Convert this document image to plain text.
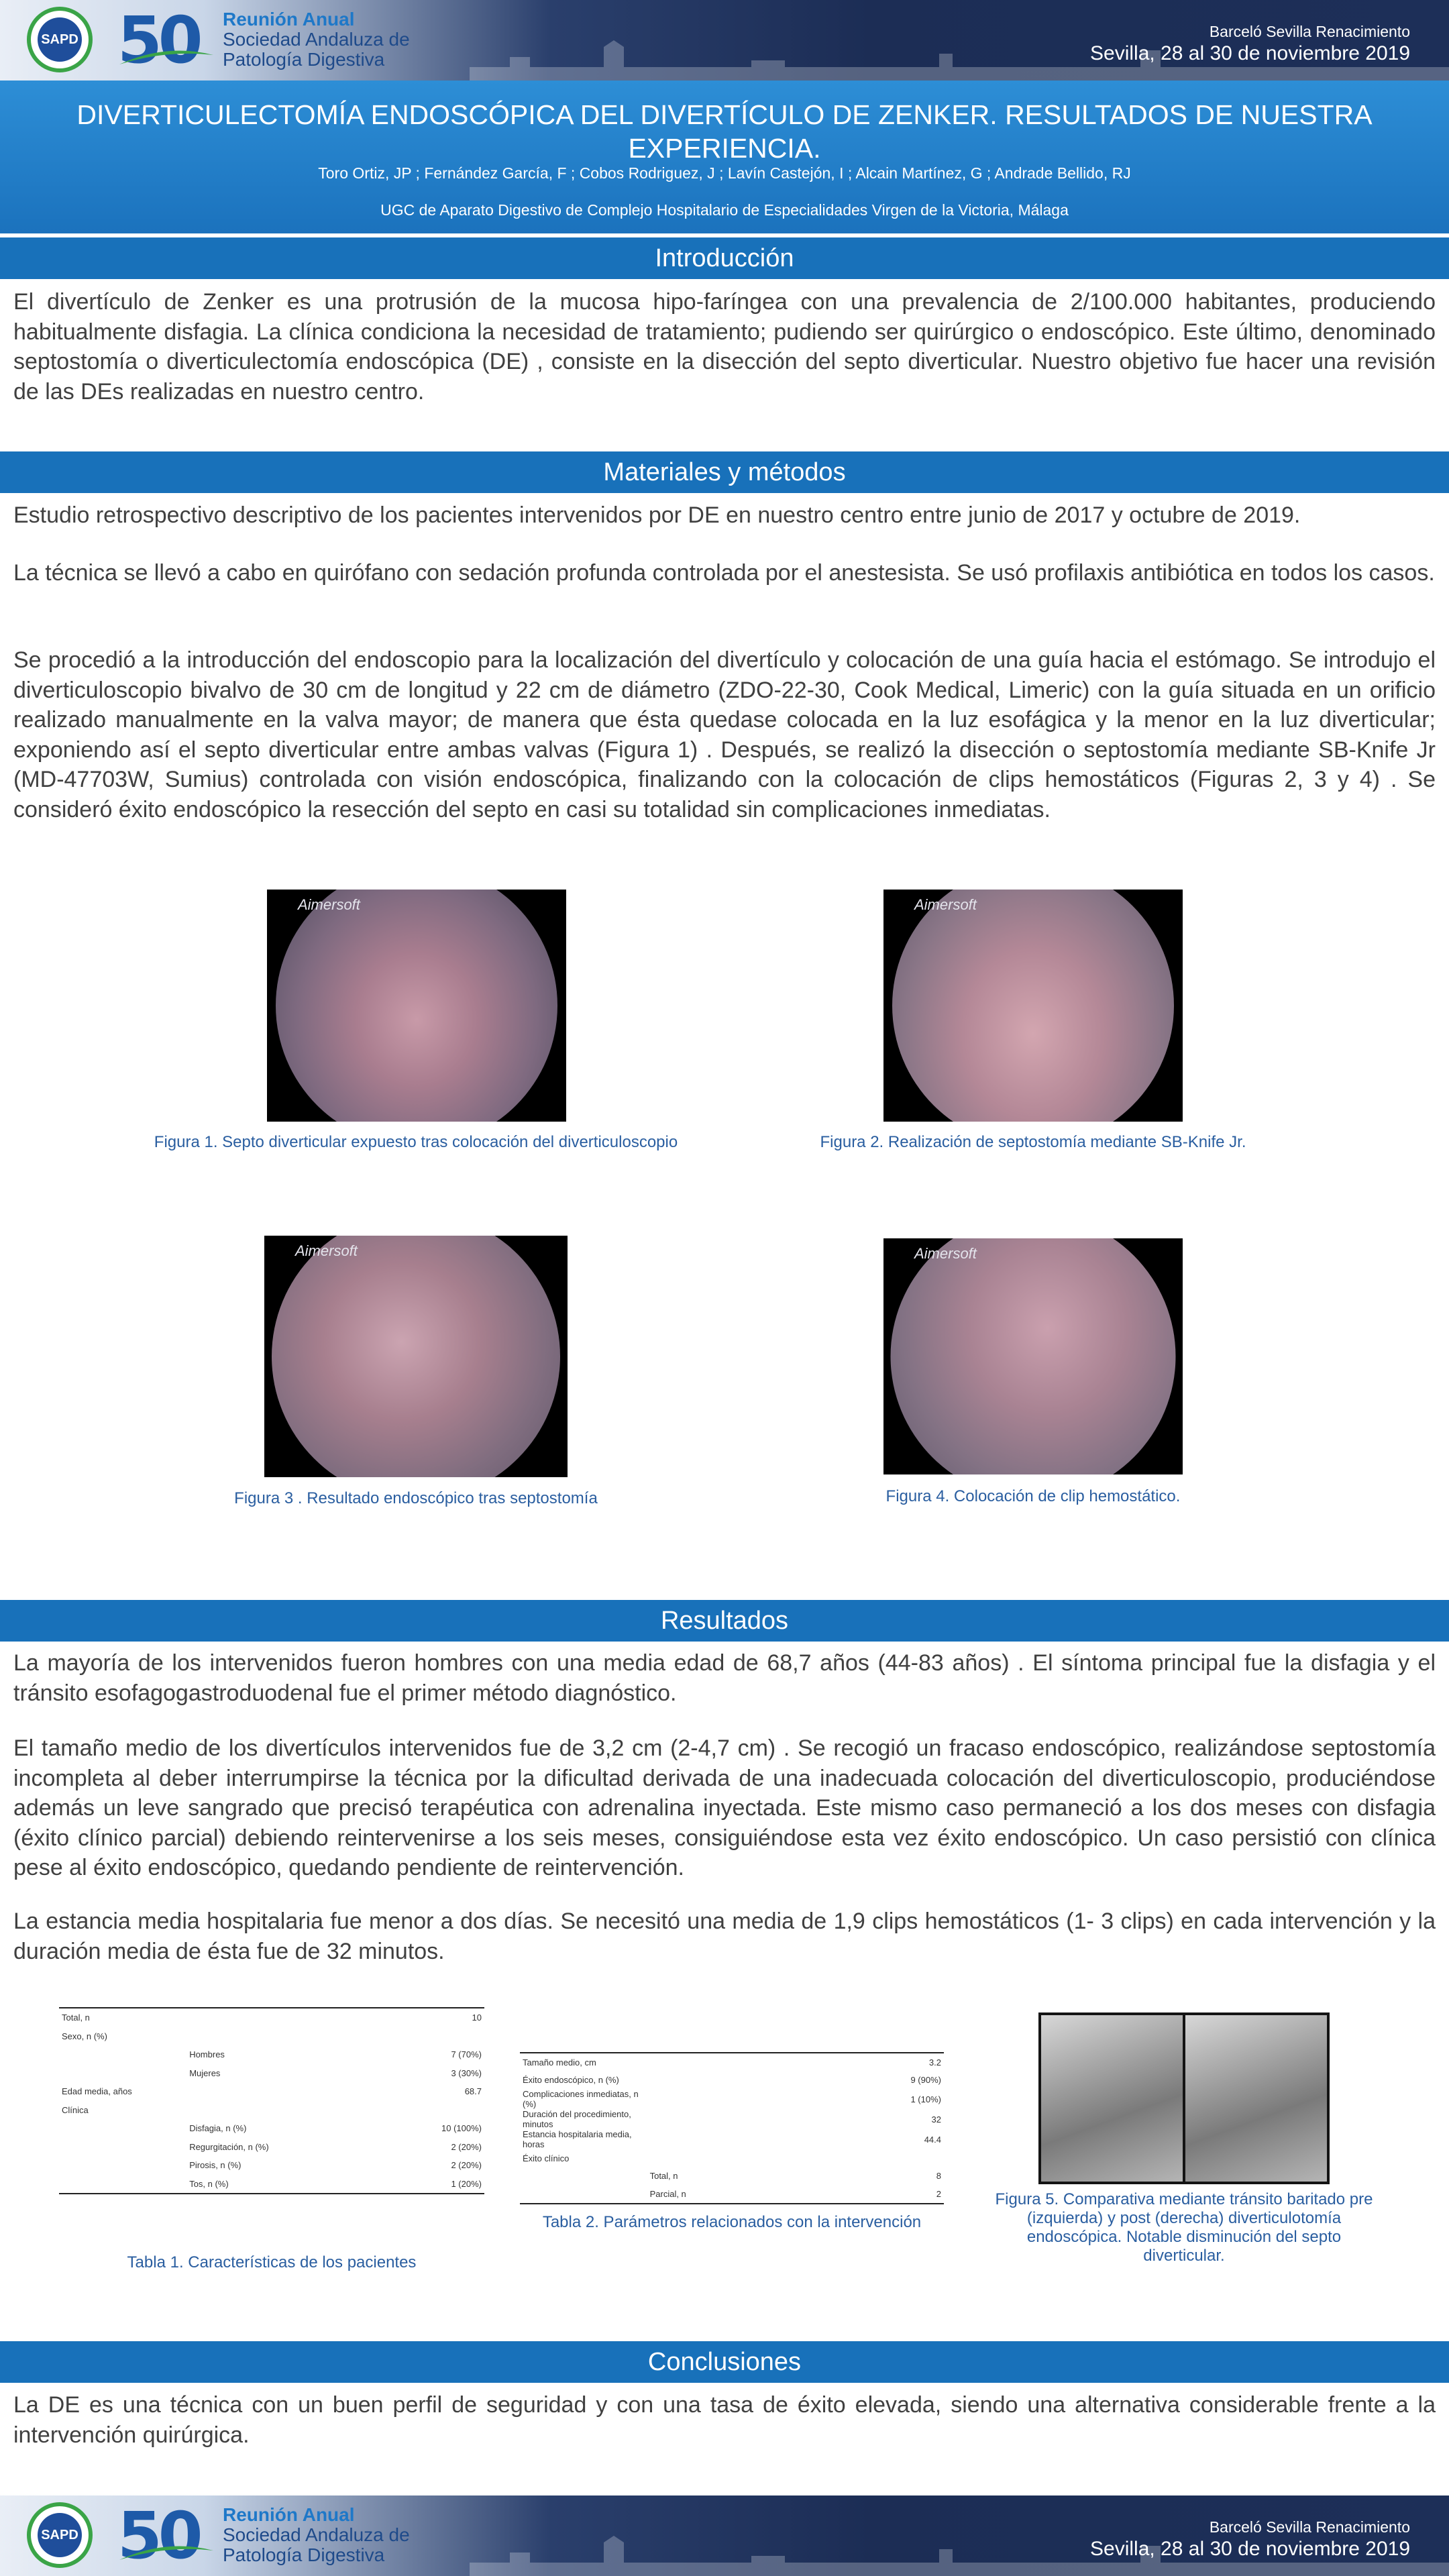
SAPD 50 Reunión Anual
Sociedad Andaluza de
Patología Digestiva
Barceló Sevilla Renacimiento
Sevilla, 28 al 30 de noviembre 2019
DIVERTICULECTOMÍA ENDOSCÓPICA DEL DIVERTÍCULO DE ZENKER. RESULTADOS DE NUESTRA EXPERIENCIA.
Toro Ortiz, JP ; Fernández García, F ; Cobos Rodriguez, J ; Lavín Castejón, I ; Alcain Martínez, G ; Andrade Bellido, RJ
UGC de Aparato Digestivo de Complejo Hospitalario de Especialidades Virgen de la Victoria, Málaga
Introducción

El divertículo de Zenker es una protrusión de la mucosa hipo-faríngea con una prevalencia de 2/100.000 habitantes, produciendo habitualmente disfagia. La clínica condiciona la necesidad de tratamiento; pudiendo ser quirúrgico o endoscópico. Este último, denominado septostomía o diverticulectomía endoscópica (DE) , consiste en la disección del septo diverticular. Nuestro objetivo fue hacer una revisión de las DEs realizadas en nuestro centro.

Materiales y métodos

Estudio retrospectivo descriptivo de los pacientes intervenidos por DE en nuestro centro entre junio de 2017 y octubre de 2019.

La técnica se llevó a cabo en quirófano con sedación profunda controlada por el anestesista. Se usó profilaxis antibiótica en todos los casos.

Se procedió a la introducción del endoscopio para la localización del divertículo y colocación de una guía hacia el estómago. Se introdujo el diverticuloscopio bivalvo de 30 cm de longitud y 22 cm de diámetro (ZDO-22-30, Cook Medical, Limeric) con la guía situada en un orificio realizado manualmente en la valva mayor; de manera que ésta quedase colocada en la luz esofágica y la menor en la luz diverticular; exponiendo así el septo diverticular entre ambas valvas (Figura 1) . Después, se realizó la disección o septostomía mediante SB-Knife Jr (MD-47703W, Sumius) controlada con visión endoscópica, finalizando con la colocación de clips hemostáticos (Figuras 2, 3 y 4) . Se consideró éxito endoscópico la resección del septo en casi su totalidad sin complicaciones inmediatas.

Aimersoft
Figura 1. Septo diverticular expuesto tras colocación del diverticuloscopio
Aimersoft
Figura 2. Realización de septostomía mediante SB-Knife Jr.
Aimersoft
Figura 3 . Resultado endoscópico tras septostomía
Aimersoft
Figura 4. Colocación de clip hemostático.
Resultados

La mayoría de los intervenidos fueron hombres con una media edad de 68,7 años (44-83 años) . El síntoma principal fue la disfagia y el tránsito esofagogastroduodenal fue el primer método diagnóstico.

El tamaño medio de los divertículos intervenidos fue de 3,2 cm (2-4,7 cm) . Se recogió un fracaso endoscópico, realizándose septostomía incompleta al deber interrumpirse la técnica por la dificultad derivada de una inadecuada colocación del diverticuloscopio, produciéndose además un leve sangrado que precisó terapéutica con adrenalina inyectada. Este mismo caso permaneció a los dos meses con disfagia (éxito clínico parcial) debiendo reintervenirse a los seis meses, consiguiéndose esta vez éxito endoscópico. Un caso persistió con clínica pese al éxito endoscópico, quedando pendiente de reintervención.

La estancia media hospitalaria fue menor a dos días. Se necesitó una media de 1,9 clips hemostáticos (1- 3 clips) en cada intervención y la duración media de ésta fue de 32 minutos.

Total, n		10
Sexo, n (%)		
	Hombres	7 (70%)
	Mujeres	3 (30%)
Edad media, años		68.7
Clínica		
	Disfagia, n (%)	10 (100%)
	Regurgitación, n (%)	2 (20%)
	Pirosis, n (%)	2 (20%)
	Tos, n (%)	1 (20%)
Tabla 1. Características de los pacientes
Tamaño medio, cm		3.2
Éxito endoscópico, n (%)		9 (90%)
Complicaciones inmediatas, n (%)		1 (10%)
Duración del procedimiento, minutos		32
Estancia hospitalaria media, horas		44.4
Éxito clínico		
	Total, n	8
	Parcial, n	2
Tabla 2. Parámetros relacionados con la intervención
Figura 5. Comparativa mediante tránsito baritado pre (izquierda) y post (derecha) diverticulotomía endoscópica. Notable disminución del septo diverticular.
Conclusiones

La DE es una técnica con un buen perfil de seguridad y con una tasa de éxito elevada, siendo una alternativa considerable frente a la intervención quirúrgica.

SAPD 50 Reunión Anual
Sociedad Andaluza de
Patología Digestiva
Barceló Sevilla Renacimiento
Sevilla, 28 al 30 de noviembre 2019
